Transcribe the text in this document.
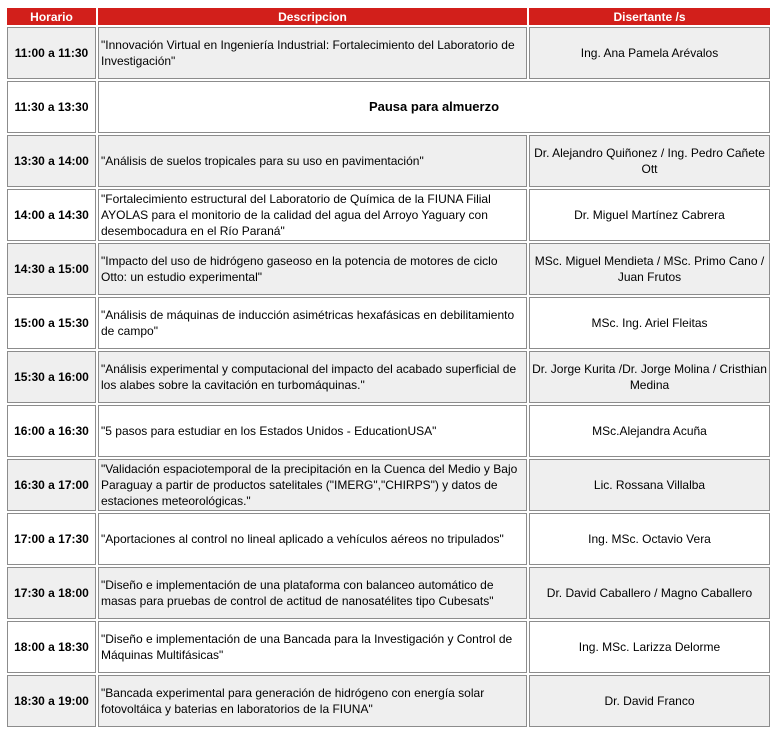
Horario	Descripcion	Disertante /s
11:00 a 11:30	"Innovación Virtual en Ingeniería Industrial: Fortalecimiento del Laboratorio de Investigación"	Ing. Ana Pamela Arévalos
11:30 a 13:30	Pausa para almuerzo	
13:30 a 14:00	"Análisis de suelos tropicales para su uso en pavimentación"	Dr. Alejandro Quiñonez / Ing. Pedro Cañete Ott
14:00 a 14:30	"Fortalecimiento estructural del Laboratorio de Química de la FIUNA Filial AYOLAS para el monitorio de la calidad del agua del Arroyo Yaguary con desembocadura en el Río Paraná"	Dr. Miguel Martínez Cabrera
14:30 a 15:00	"Impacto del uso de hidrógeno gaseoso en la potencia de motores de ciclo Otto: un estudio experimental"	MSc. Miguel Mendieta / MSc. Primo Cano / Juan Frutos
15:00 a 15:30	"Análisis de máquinas de inducción asimétricas hexafásicas en debilitamiento de campo"	MSc. Ing. Ariel Fleitas
15:30 a 16:00	"Análisis experimental y computacional del impacto del acabado superficial de los alabes sobre la cavitación en turbomáquinas."	Dr. Jorge Kurita /Dr. Jorge Molina / Cristhian Medina
16:00 a 16:30	"5 pasos para estudiar en los Estados Unidos - EducationUSA"	MSc.Alejandra Acuña
16:30 a 17:00	"Validación espaciotemporal de la precipitación en la Cuenca del Medio y Bajo Paraguay a partir de productos satelitales ("IMERG","CHIRPS") y datos de estaciones meteorológicas."	Lic. Rossana Villalba
17:00 a 17:30	"Aportaciones al control no lineal aplicado a vehículos aéreos no tripulados"	Ing. MSc. Octavio Vera
17:30 a 18:00	"Diseño e implementación de una plataforma con balanceo automático de masas para pruebas de control de actitud de nanosatélites tipo Cubesats"	Dr. David Caballero / Magno Caballero
18:00 a 18:30	"Diseño e implementación de una Bancada para la Investigación y Control de Máquinas Multifásicas"	Ing. MSc. Larizza Delorme
18:30 a 19:00	"Bancada experimental para generación de hidrógeno con energía solar fotovoltáica y baterias en laboratorios de la FIUNA"	Dr. David Franco
